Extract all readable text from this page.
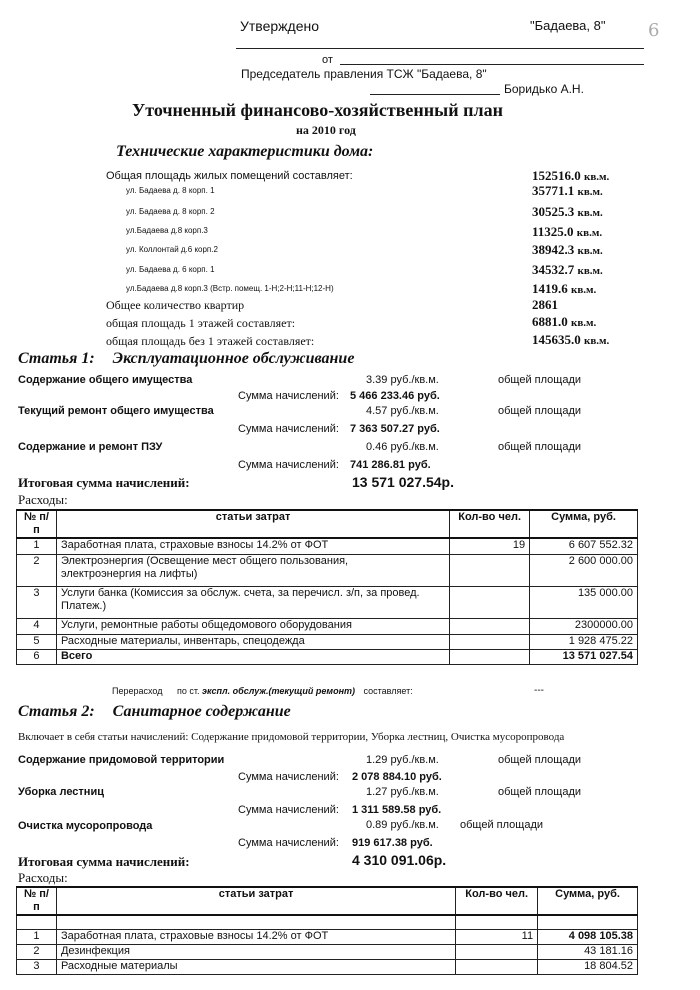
Утверждено	"Бадаева, 8" 6
от
Председатель правления ТСЖ "Бадаева, 8"
Боридько А.Н.
Уточненный финансово-хозяйственный план
на 2010 год
Технические характеристики дома:
Общая площадь жилых помещений составляет:	152516.0 кв.м.
ул. Бадаева д. 8 корп. 1	35771.1 кв.м.
ул. Бадаева д. 8 корп. 2	30525.3 кв.м.
ул.Бадаева д.8 корп.3	11325.0 кв.м.
ул. Коллонтай д.6 корп.2	38942.3 кв.м.
ул. Бадаева д. 6 корп. 1	34532.7 кв.м.
ул.Бадаева д.8 корп.3 (Встр. помещ. 1-Н;2-Н;11-Н;12-Н)	1419.6 кв.м.
Общее количество квартир	2861
общая площадь 1 этажей составляет:	6881.0 кв.м.
общая площадь без 1 этажей составляет:	145635.0 кв.м.
Статья 1: Эксплуатационное обслуживание
Содержание общего имущества	3.39 руб./кв.м.	общей площади
Сумма начислений: 5 466 233.46 руб.
Текущий ремонт общего имущества	4.57 руб./кв.м.	общей площади
Сумма начислений: 7 363 507.27 руб.
Содержание и ремонт ПЗУ	0.46 руб./кв.м.	общей площади
Сумма начислений: 741 286.81 руб.
Итоговая сумма начислений:	13 571 027.54р.
Расходы:
№ п/п	статьи затрат	Кол-во чел.	Сумма, руб.
1	Заработная плата, страховые взносы 14.2% от ФОТ	19	6 607 552.32
2	Электроэнергия (Освещение мест общего пользования,
электроэнергия на лифты)		2 600 000.00
3	Услуги банка (Комиссия за обслуж. счета, за перечисл. з/п, за провед.
Платеж.)		135 000.00
4	Услуги, ремонтные работы общедомового оборудования		2300000.00
5	Расходные материалы, инвентарь, спецодежда		1 928 475.22
6	Всего		13 571 027.54
Перерасход по ст. экспл. обслуж.(текущий ремонт) составляет:	---
Статья 2: Санитарное содержание
Включает в себя статьи начислений: Содержание придомовой территории, Уборка лестниц, Очистка мусоропровода
Содержание придомовой территории	1.29 руб./кв.м.	общей площади
Сумма начислений: 2 078 884.10 руб.
Уборка лестниц	1.27 руб./кв.м.	общей площади
Сумма начислений: 1 311 589.58 руб.
Очистка мусоропровода	0.89 руб./кв.м. общей площади
Сумма начислений: 919 617.38 руб.
Итоговая сумма начислений:	4 310 091.06р.
Расходы:
№ п/п	статьи затрат	Кол-во чел.	Сумма, руб.

1	Заработная плата, страховые взносы 14.2% от ФОТ	11	4 098 105.38
2	Дезинфекция		43 181.16
3	Расходные материалы		18 804.52
